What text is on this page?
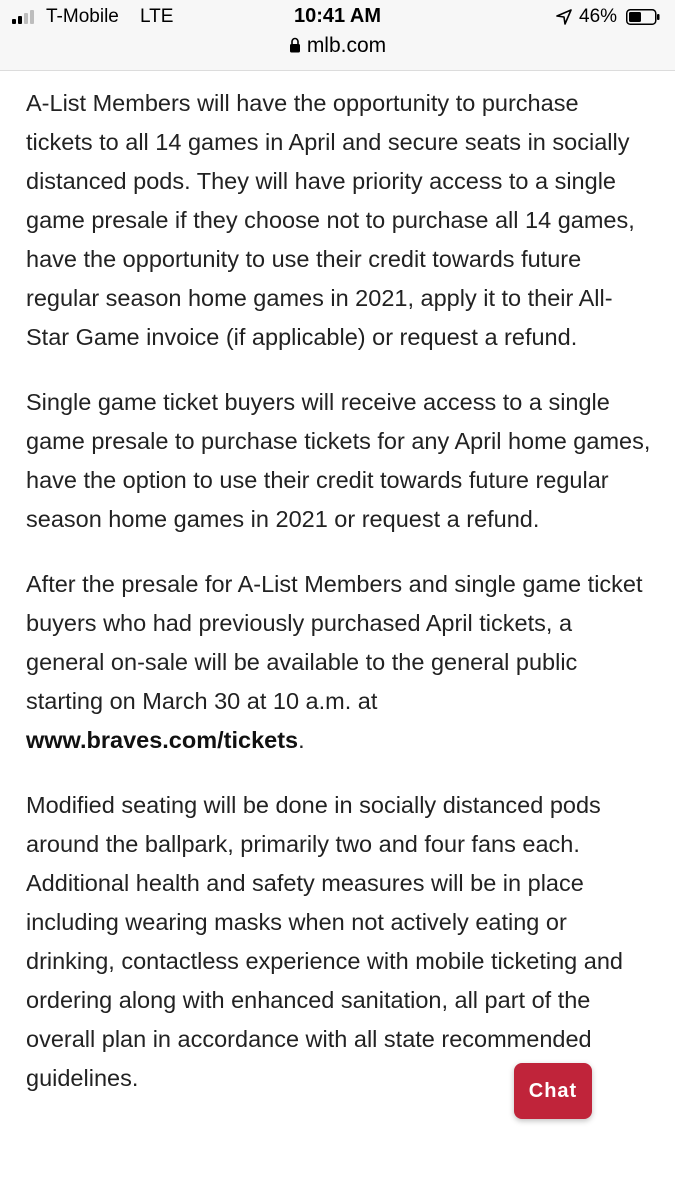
T-Mobile LTE	10:41 AM	46%
mlb.com

A-List Members will have the opportunity to purchase tickets to all 14 games in April and secure seats in socially distanced pods. They will have priority access to a single game presale if they choose not to purchase all 14 games, have the opportunity to use their credit towards future regular season home games in 2021, apply it to their All-Star Game invoice (if applicable) or request a refund.

Single game ticket buyers will receive access to a single game presale to purchase tickets for any April home games, have the option to use their credit towards future regular season home games in 2021 or request a refund.

After the presale for A-List Members and single game ticket buyers who had previously purchased April tickets, a general on-sale will be available to the general public starting on March 30 at 10 a.m. at www.braves.com/tickets.

Modified seating will be done in socially distanced pods around the ballpark, primarily two and four fans each. Additional health and safety measures will be in place including wearing masks when not actively eating or drinking, contactless experience with mobile ticketing and ordering along with enhanced sanitation, all part of the overall plan in accordance with all state recommended guidelines.	Chat
